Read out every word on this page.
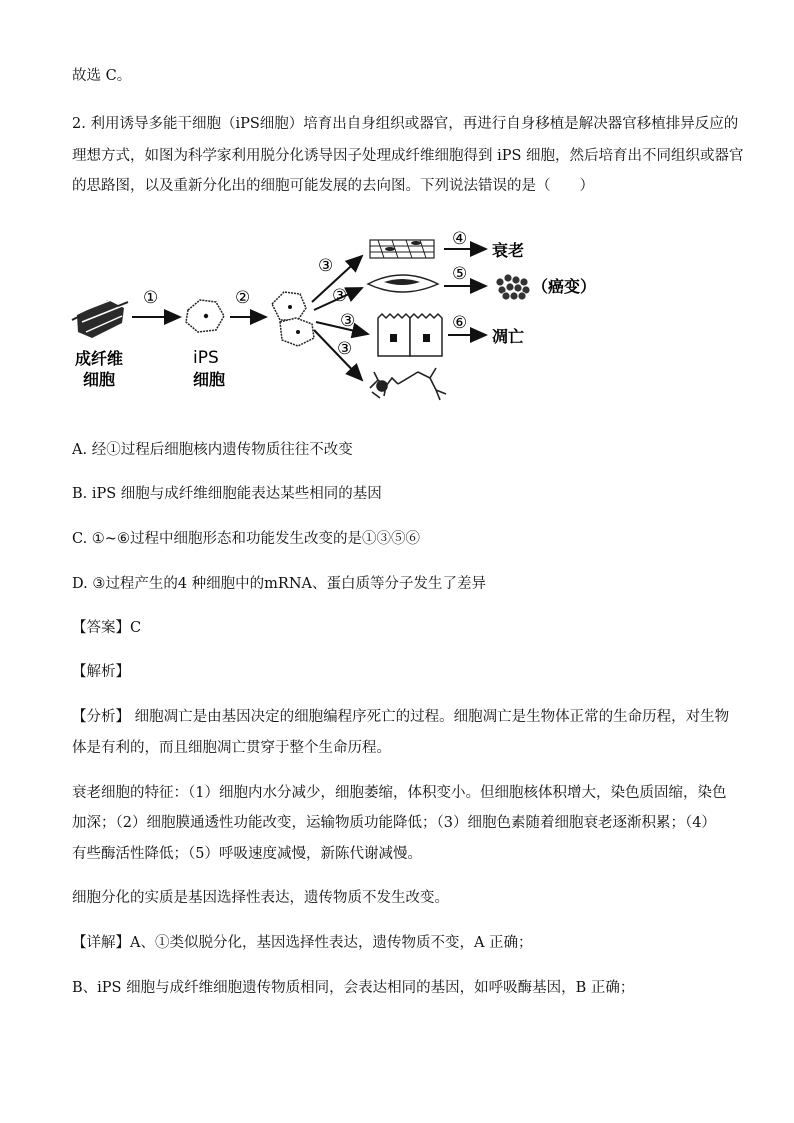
故选 C。
2. 利用诱导多能干细胞（iPS细胞）培育出自身组织或器官，再进行自身移植是解决器官移植排异反应的
理想方式，如图为科学家利用脱分化诱导因子处理成纤维细胞得到 iPS 细胞，然后培育出不同组织或器官
的思路图，以及重新分化出的细胞可能发展的去向图。下列说法错误的是（　　）
成纤维
细胞
①
iPS
细胞
②
③
③
③
③
④
衰老
⑤
（癌变）
⑥
凋亡
A. 经①过程后细胞核内遗传物质往往不改变
B. iPS 细胞与成纤维细胞能表达某些相同的基因
C. ①~⑥过程中细胞形态和功能发生改变的是①③⑤⑥
D. ③过程产生的4 种细胞中的mRNA、蛋白质等分子发生了差异
【答案】C
【解析】
【分析】 细胞凋亡是由基因决定的细胞编程序死亡的过程。细胞凋亡是生物体正常的生命历程，对生物
体是有利的，而且细胞凋亡贯穿于整个生命历程。
衰老细胞的特征：（1）细胞内水分减少，细胞萎缩，体积变小。但细胞核体积增大，染色质固缩，染色
加深；（2）细胞膜通透性功能改变，运输物质功能降低；（3）细胞色素随着细胞衰老逐渐积累；（4）
有些酶活性降低；（5）呼吸速度减慢，新陈代谢减慢。
细胞分化的实质是基因选择性表达，遗传物质不发生改变。
【详解】A、①类似脱分化，基因选择性表达，遗传物质不变，A 正确；
B、iPS 细胞与成纤维细胞遗传物质相同，会表达相同的基因，如呼吸酶基因，B 正确；
